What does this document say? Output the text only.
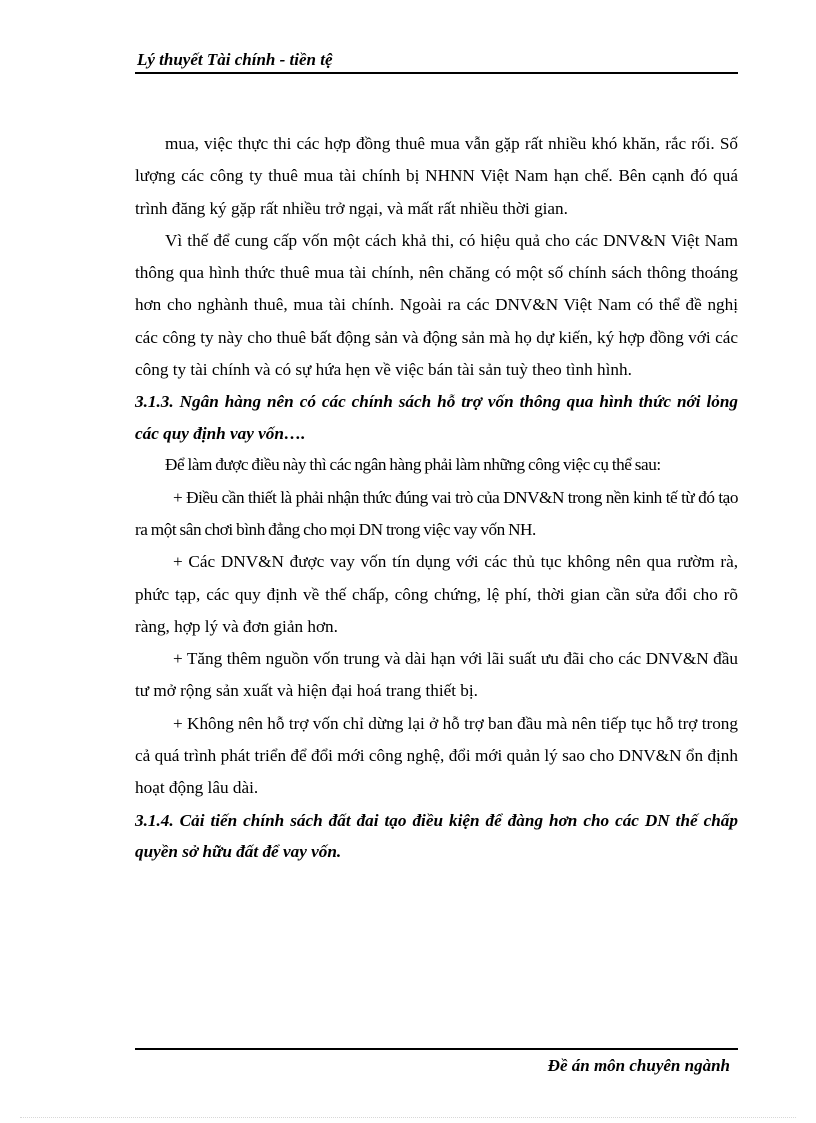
Lý thuyết Tài chính - tiền tệ

mua, việc thực thi các hợp đồng thuê mua vẫn gặp rất nhiều khó khăn, rắc rối. Số lượng các công ty thuê mua tài chính bị NHNN Việt Nam hạn chế. Bên cạnh đó quá trình đăng ký gặp rất nhiều trở ngại, và mất rất nhiều thời gian.

Vì thế để cung cấp vốn một cách khả thi, có hiệu quả cho các DNV&N Việt Nam thông qua hình thức thuê mua tài chính, nên chăng có một số chính sách thông thoáng hơn cho nghành thuê, mua tài chính. Ngoài ra các DNV&N Việt Nam có thể đề nghị các công ty này cho thuê bất động sản và động sản mà họ dự kiến, ký hợp đồng với các công ty tài chính và có sự hứa hẹn về việc bán tài sản tuỳ theo tình hình.

3.1.3. Ngân hàng nên có các chính sách hỗ trợ vốn thông qua hình thức nới lỏng các quy định vay vốn….

Để làm được điều này thì các ngân hàng phải làm những công việc cụ thể sau:

+ Điều cần thiết là phải nhận thức đúng vai trò của DNV&N trong nền kinh tế từ đó tạo ra một sân chơi bình đẳng cho mọi DN trong việc vay vốn NH.

+ Các DNV&N được vay vốn tín dụng với các thủ tục không nên qua rườm rà, phức tạp, các quy định về thế chấp, công chứng, lệ phí, thời gian cần sửa đổi cho rõ ràng, hợp lý và đơn giản hơn.

+ Tăng thêm nguồn vốn trung và dài hạn với lãi suất ưu đãi cho các DNV&N đầu tư mở rộng sản xuất và hiện đại hoá trang thiết bị.

+ Không nên hỗ trợ vốn chỉ dừng lại ở hỗ trợ ban đầu mà nên tiếp tục hỗ trợ trong cả quá trình phát triển để đổi mới công nghệ, đổi mới quản lý sao cho DNV&N ổn định hoạt động lâu dài.

3.1.4. Cải tiến chính sách đất đai tạo điều kiện để đàng hơn cho các DN thế chấp quyền sở hữu đất để vay vốn.

Đề án môn chuyên ngành
